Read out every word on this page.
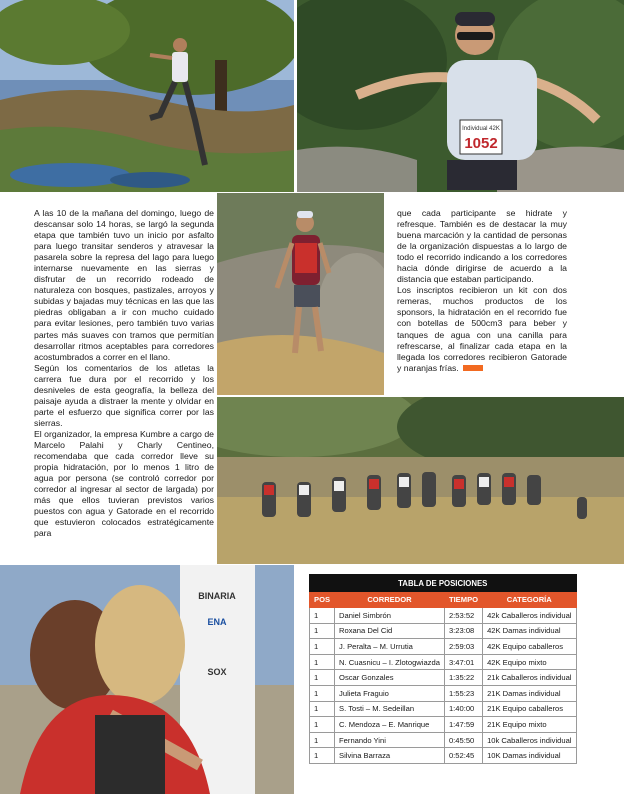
Individual 42K
1052
BINARIA
ENA
SOX

A las 10 de la mañana del domingo, luego de descansar solo 14 horas, se largó la segunda etapa que también tuvo un inicio por asfalto para luego transitar senderos y atravesar la pasarela sobre la represa del lago para luego internarse nuevamente en las sierras y disfrutar de un recorrido rodeado de naturaleza con bosques, pastizales, arroyos y subidas y bajadas muy técnicas en las que las piedras obligaban a ir con mucho cuidado para evitar lesiones, pero también tuvo varias partes más suaves con tramos que permitían desarrollar ritmos aceptables para corredores acostumbrados a correr en el llano.

Según los comentarios de los atletas la carrera fue dura por el recorrido y los desniveles de esta geografía, la belleza del paisaje ayuda a distraer la mente y olvidar en parte el esfuerzo que significa correr por las sierras.

El organizador, la empresa Kumbre a cargo de Marcelo Palahi y Charly Centineo, recomendaba que cada corredor lleve su propia hidratación, por lo menos 1 litro de agua por persona (se controló corredor por corredor al ingresar al sector de largada) por más que ellos tuvieran previstos varios puestos con agua y Gatorade en el recorrido que estuvieron colocados estratégicamente para

que cada participante se hidrate y refresque. También es de destacar la muy buena marcación y la cantidad de personas de la organización dispuestas a lo largo de todo el recorrido indicando a los corredores hacia dónde dirigirse de acuerdo a la distancia que estaban participando.

Los inscriptos recibieron un kit con dos remeras, muchos productos de los sponsors, la hidratación en el recorrido fue con botellas de 500cm3 para beber y tanques de agua con una canilla para refrescarse, al finalizar cada etapa en la llegada los corredores recibieron Gatorade y naranjas frías.

TABLA DE POSICIONES			
POS	CORREDOR	TIEMPO	CATEGORÍA
1	Daniel Simbrón	2:53:52	42k Caballeros individual
1	Roxana Del Cid	3:23:08	42K Damas individual
1	J. Peralta – M. Urrutia	2:59:03	42K Equipo caballeros
1	N. Cuasnicu – I. Zlotogwiazda	3:47:01	42K Equipo mixto
1	Oscar Gonzales	1:35:22	21k Caballeros individual
1	Julieta Fraguio	1:55:23	21K Damas individual
1	S. Tosti – M. Sedeillan	1:40:00	21K Equipo caballeros
1	C. Mendoza – E. Manrique	1:47:59	21K Equipo mixto
1	Fernando Yini	0:45:50	10k Caballeros individual
1	Silvina Barraza	0:52:45	10K Damas individual
